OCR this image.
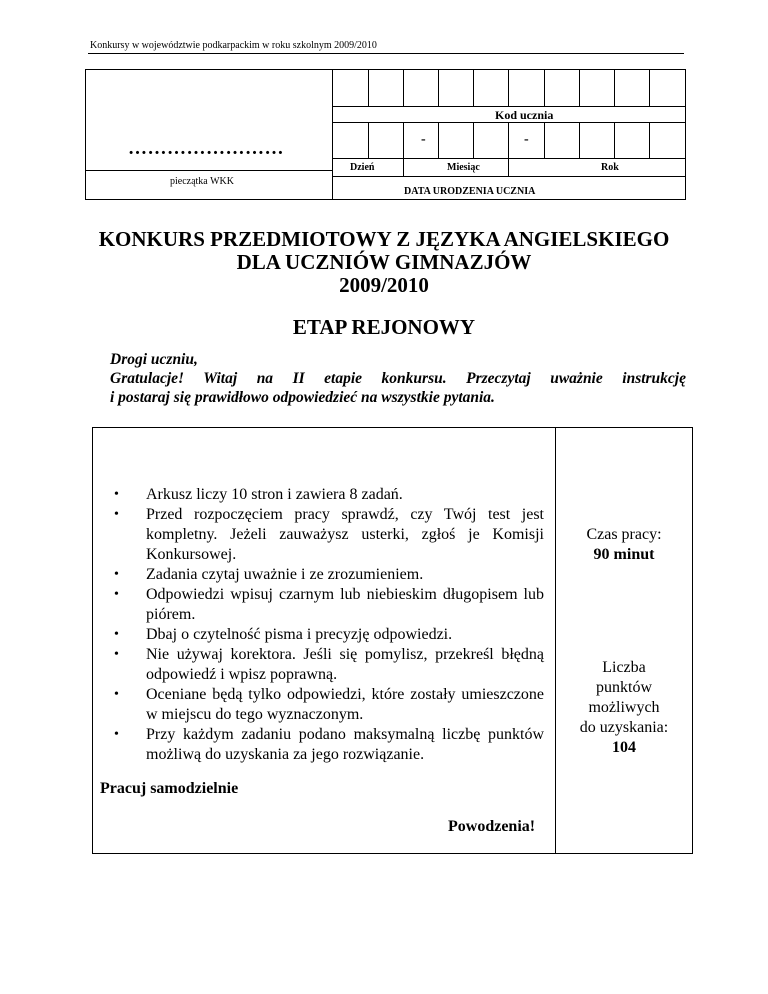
Konkursy w województwie podkarpackim w roku szkolnym 2009/2010
Kod ucznia
-	-
Dzień	Miesiąc	Rok
DATA URODZENIA UCZNIA
……………………
pieczątka WKK
KONKURS PRZEDMIOTOWY Z JĘZYKA ANGIELSKIEGO
DLA UCZNIÓW GIMNAZJÓW
2009/2010
ETAP REJONOWY

Drogi uczniu,

Gratulacje! Witaj na II etapie konkursu. Przeczytaj uważnie instrukcję

i postaraj się prawidłowo odpowiedzieć na wszystkie pytania.

• Arkusz liczy 10 stron i zawiera 8 zadań.
• Przed rozpoczęciem pracy sprawdź, czy Twój test jest kompletny. Jeżeli zauważysz usterki, zgłoś je Komisji Konkursowej.
• Zadania czytaj uważnie i ze zrozumieniem.
• Odpowiedzi wpisuj czarnym lub niebieskim długopisem lub piórem.
• Dbaj o czytelność pisma i precyzję odpowiedzi.
• Nie używaj korektora. Jeśli się pomylisz, przekreśl błędną odpowiedź i wpisz poprawną.
• Oceniane będą tylko odpowiedzi, które zostały umieszczone w miejscu do tego wyznaczonym.
• Przy każdym zadaniu podano maksymalną liczbę punktów możliwą do uzyskania za jego rozwiązanie.
Pracuj samodzielnie
Powodzenia!
Czas pracy:
90 minut
Liczba
punktów
możliwych
do uzyskania:
104
